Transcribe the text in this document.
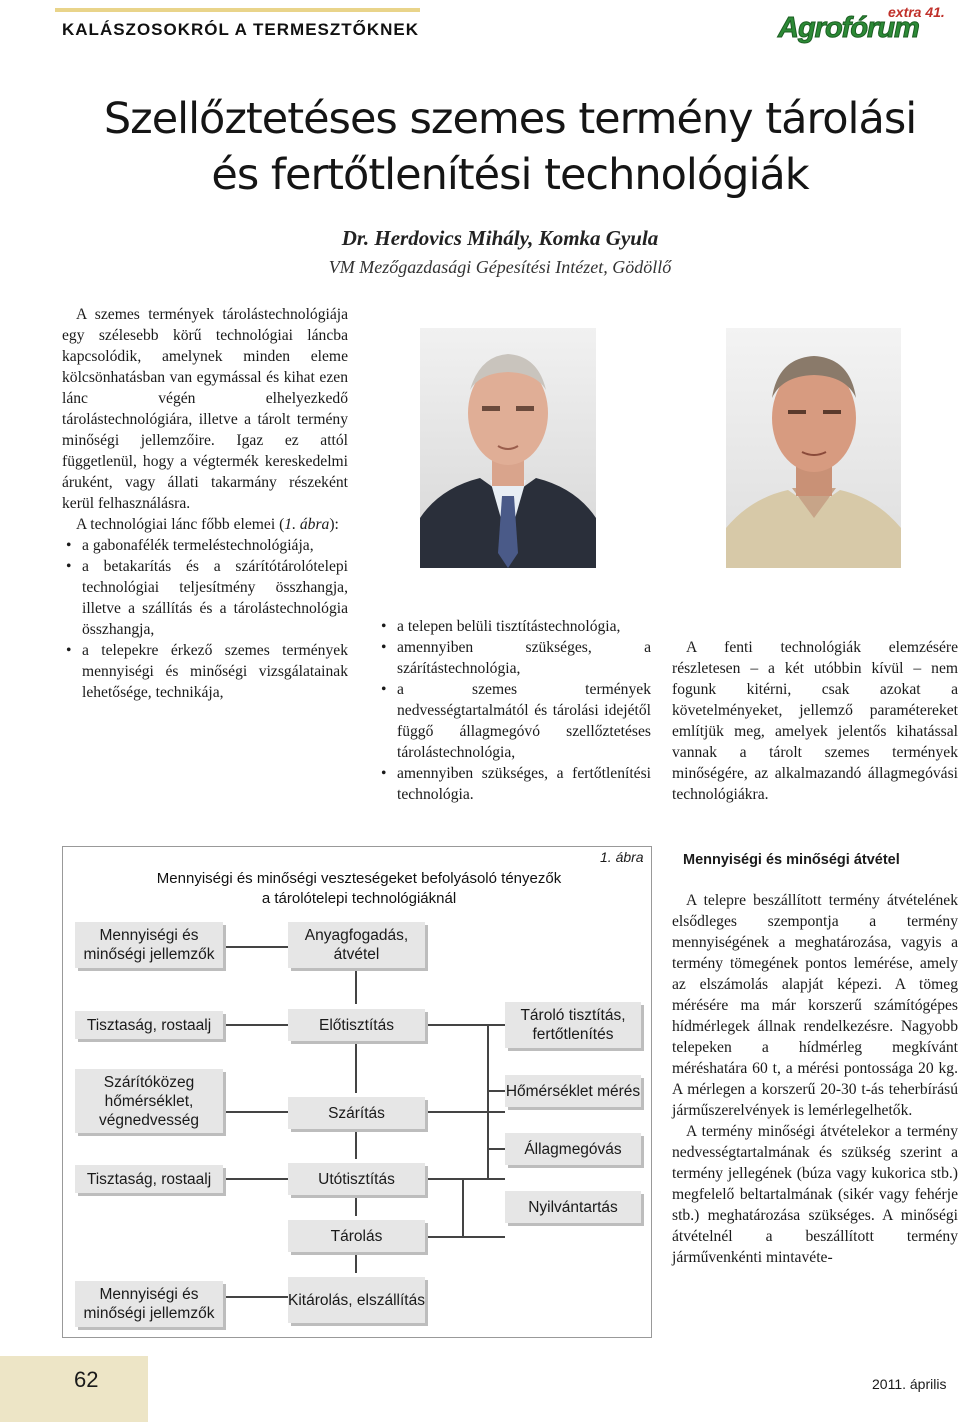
KALÁSZOSOKRÓL A TERMESZTŐKNEK
extra 41.
Agrofórum
Szellőztetéses szemes termény tárolási
és fertőtlenítési technológiák
Dr. Herdovics Mihály, Komka Gyula
VM Mezőgazdasági Gépesítési Intézet, Gödöllő

A szemes termények tárolástechnológiája egy szélesebb körű technológiai láncba kapcsolódik, amelynek minden eleme kölcsönhatásban van egymással és kihat ezen lánc végén elhelyezkedő tárolástechnológiára, illetve a tárolt termény minőségi jellemzőire. Igaz ez attól függetlenül, hogy a végtermék kereskedelmi áruként, vagy állati takarmány részeként kerül felhasználásra.

A technológiai lánc főbb elemei (1. ábra):

• a gabonafélék termeléstechnológiája,
• a betakarítás és a szárítótárolótelepi technológiai teljesítmény összhangja, illetve a szállítás és a tárolástechnológia összhangja,
• a telepekre érkező szemes termények mennyiségi és minőségi vizsgálatainak lehetősége, technikája,
• a telepen belüli tisztítástechnológia,
• amennyiben szükséges, a szárítástechnológia,
• a szemes termények nedvességtartalmától és tárolási idejétől függő állagmegóvó szellőztetéses tárolástechnológia,
• amennyiben szükséges, a fertőtlenítési technológia.

A fenti technológiák elemzésére részletesen – a két utóbbin kívül – nem fogunk kitérni, csak azokat a követelményeket, jellemző paramétereket említjük meg, amelyek jelentős kihatással vannak a tárolt szemes termények minőségére, az alkalmazandó állagmegóvási technológiákra.

Mennyiségi és minőségi jellemzők
Tisztaság, rostaalj
Szárítóközeg hőmérséklet, végnedvesség
Tisztaság, rostaalj
Mennyiségi és minőségi jellemzők
Anyagfogadás, átvétel
Előtisztítás
Szárítás
Utótisztítás
Tárolás
Kitárolás, elszállítás
Tároló tisztítás, fertőtlenítés
Hőmérséklet mérés
Állagmegóvás
Nyilvántartás
1. ábra
Mennyiségi és minőségi veszteségeket befolyásoló tényezők
a tárolótelepi technológiáknál
Mennyiségi és minőségi átvétel

A telepre beszállított termény átvételének elsődleges szempontja a termény mennyiségének a meghatározása, vagyis a termény tömegének pontos lemérése, amely az elszámolás alapját képezi. A tömeg mérésére ma már korszerű számítógépes hídmérlegek állnak rendelkezésre. Nagyobb telepeken a hídmérleg megkívánt méréshatára 60 t, a mérési pontossága 20 kg. A mérlegen a korszerű 20-30 t-ás teherbírású járműszerelvények is lemérlegelhetők.

A termény minőségi átvételekor a termény nedvességtartalmának és szükség szerint a termény jellegének (búza vagy kukorica stb.) megfelelő beltartalmának (sikér vagy fehérje stb.) meghatározása szükséges. A minőségi átvételnél a beszállított termény járművenkénti mintavéte-

62	2011. április
